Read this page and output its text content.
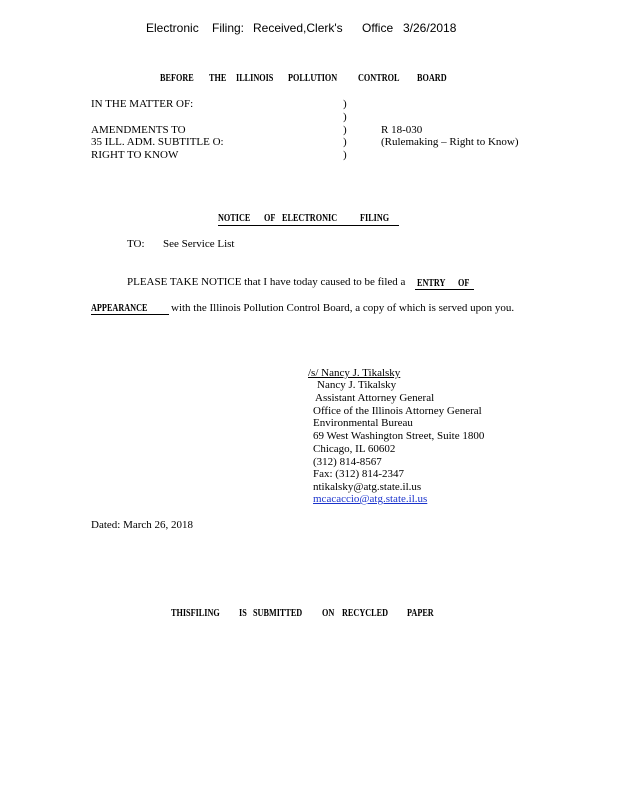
Electronic Filing: Received,Clerk's Office 3/26/2018
BEFORE THE ILLINOIS POLLUTION CONTROL BOARD
IN THE MATTER OF:
AMENDMENTS TO
35 ILL. ADM. SUBTITLE O:
RIGHT TO KNOW
)
)
)
)
)
R 18-030
(Rulemaking – Right to Know)
NOTICE OF ELECTRONIC FILING
TO: See Service List
PLEASE TAKE NOTICE that I have today caused to be filed a ENTRY OF
APPEARANCE with the Illinois Pollution Control Board, a copy of which is served upon you.
/s/ Nancy J. Tikalsky
Nancy J. Tikalsky
Assistant Attorney General
Office of the Illinois Attorney General
Environmental Bureau
69 West Washington Street, Suite 1800
Chicago, IL 60602
(312) 814-8567
Fax: (312) 814-2347
ntikalsky@atg.state.il.us
mcacaccio@atg.state.il.us
Dated: March 26, 2018
THISFILING IS SUBMITTED ON RECYCLED PAPER
